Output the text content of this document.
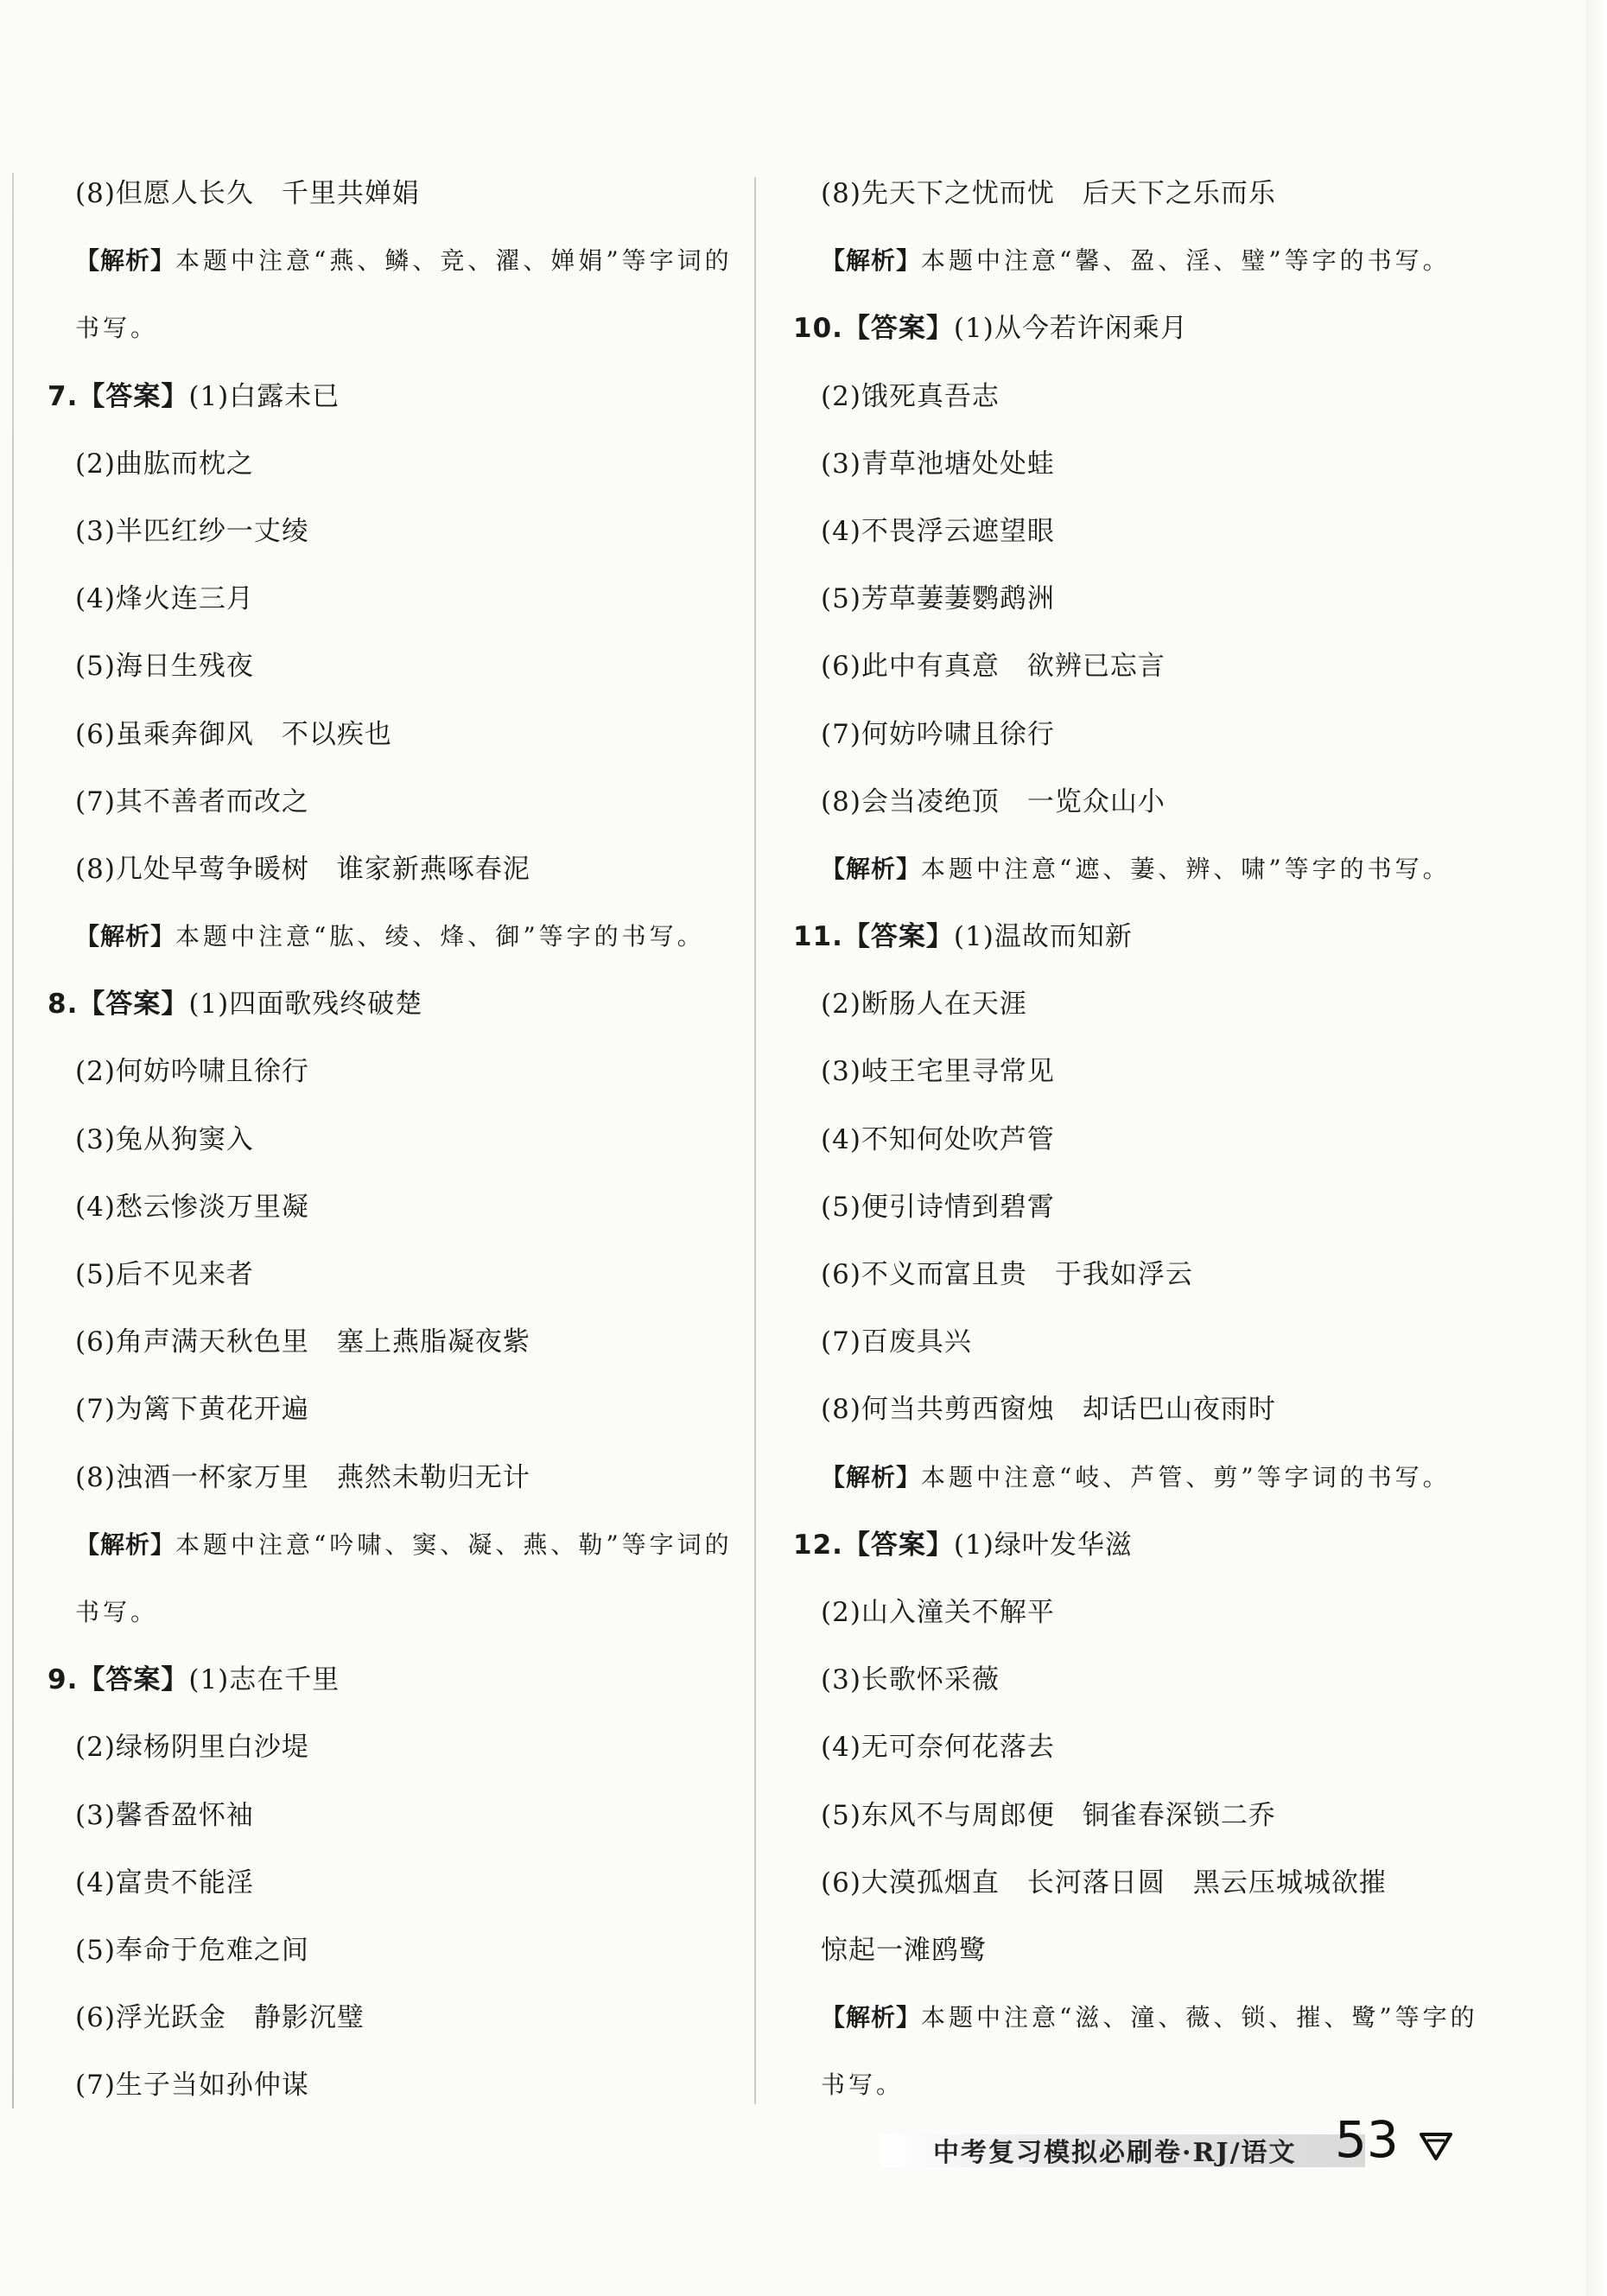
(8)但愿人长久　千里共婵娟
【解析】本题中注意“燕、鳞、竞、濯、婵娟”等字词的
书写。
7.【答案】(1)白露未已
(2)曲肱而枕之
(3)半匹红纱一丈绫
(4)烽火连三月
(5)海日生残夜
(6)虽乘奔御风　不以疾也
(7)其不善者而改之
(8)几处早莺争暖树　谁家新燕啄春泥
【解析】本题中注意“肱、绫、烽、御”等字的书写。
8.【答案】(1)四面歌残终破楚
(2)何妨吟啸且徐行
(3)兔从狗窦入
(4)愁云惨淡万里凝
(5)后不见来者
(6)角声满天秋色里　塞上燕脂凝夜紫
(7)为篱下黄花开遍
(8)浊酒一杯家万里　燕然未勒归无计
【解析】本题中注意“吟啸、窦、凝、燕、勒”等字词的
书写。
9.【答案】(1)志在千里
(2)绿杨阴里白沙堤
(3)馨香盈怀袖
(4)富贵不能淫
(5)奉命于危难之间
(6)浮光跃金　静影沉璧
(7)生子当如孙仲谋
(8)先天下之忧而忧　后天下之乐而乐
【解析】本题中注意“馨、盈、淫、璧”等字的书写。
10.【答案】(1)从今若许闲乘月
(2)饿死真吾志
(3)青草池塘处处蛙
(4)不畏浮云遮望眼
(5)芳草萋萋鹦鹉洲
(6)此中有真意　欲辨已忘言
(7)何妨吟啸且徐行
(8)会当凌绝顶　一览众山小
【解析】本题中注意“遮、萋、辨、啸”等字的书写。
11.【答案】(1)温故而知新
(2)断肠人在天涯
(3)岐王宅里寻常见
(4)不知何处吹芦管
(5)便引诗情到碧霄
(6)不义而富且贵　于我如浮云
(7)百废具兴
(8)何当共剪西窗烛　却话巴山夜雨时
【解析】本题中注意“岐、芦管、剪”等字词的书写。
12.【答案】(1)绿叶发华滋
(2)山入潼关不解平
(3)长歌怀采薇
(4)无可奈何花落去
(5)东风不与周郎便　铜雀春深锁二乔
(6)大漠孤烟直　长河落日圆　黑云压城城欲摧
惊起一滩鸥鹭
【解析】本题中注意“滋、潼、薇、锁、摧、鹭”等字的
书写。
中考复习模拟必刷卷·RJ/语文 53
